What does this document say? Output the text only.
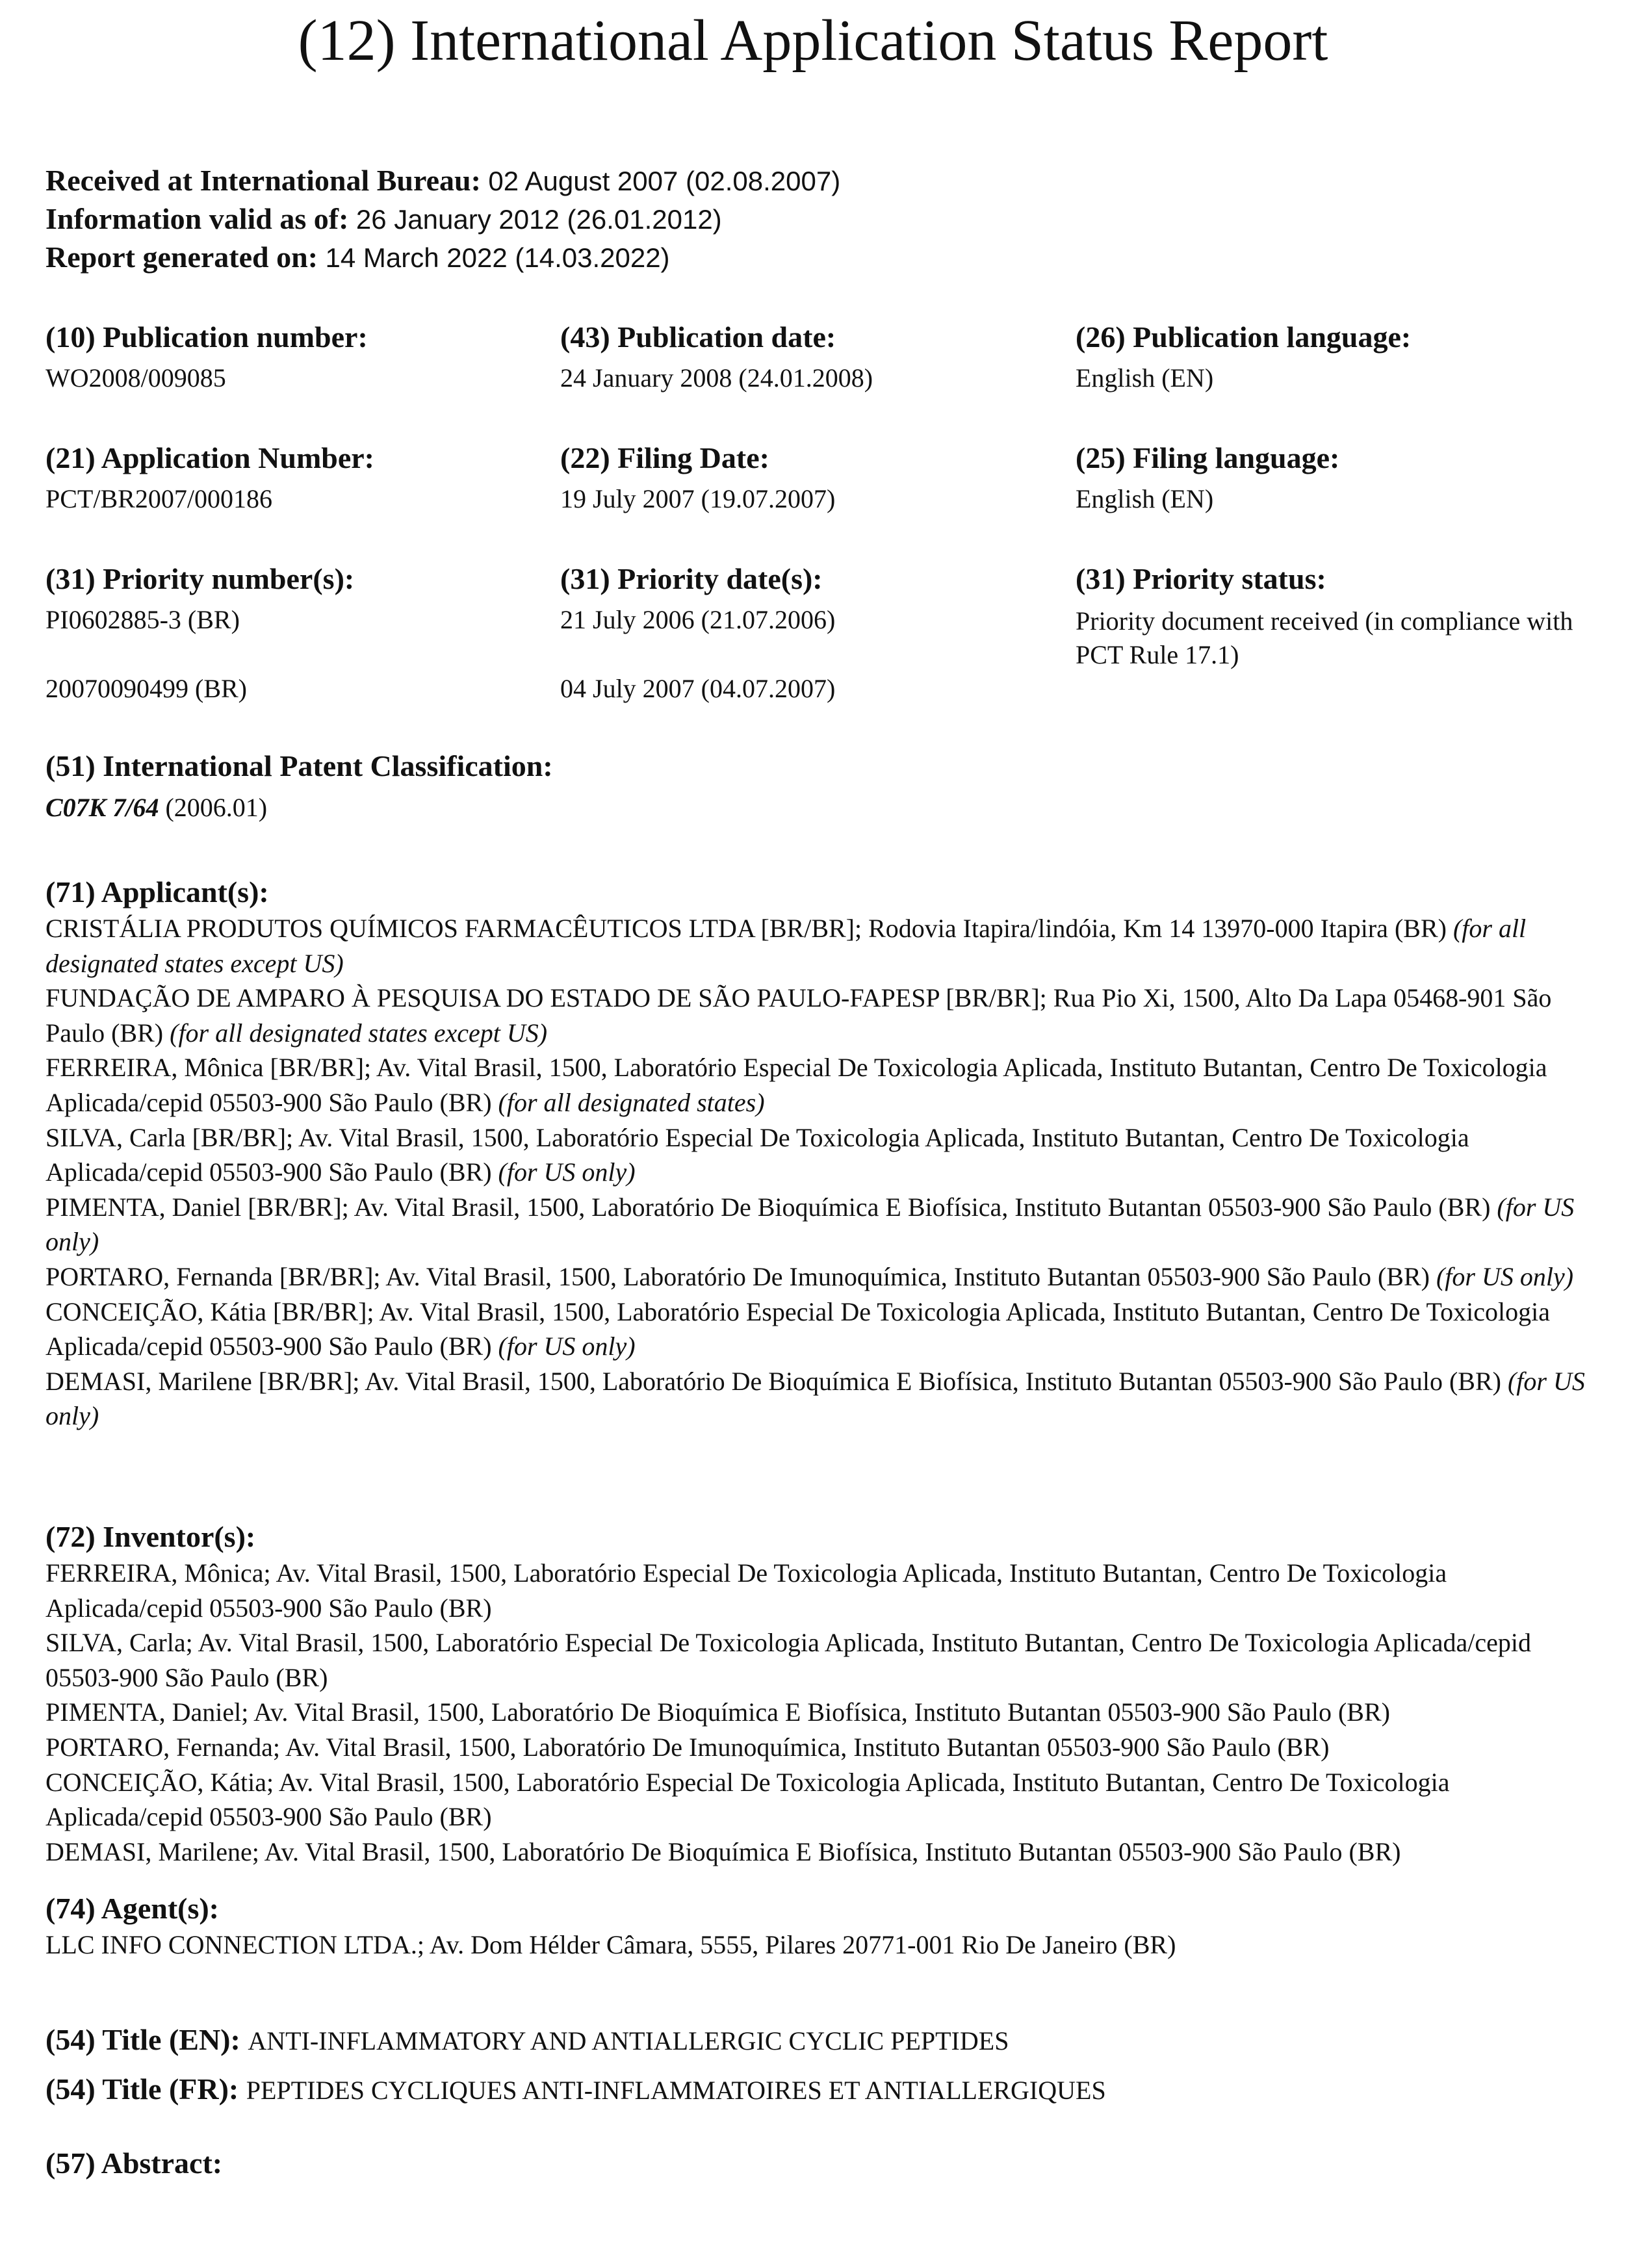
(12) International Application Status Report
Received at International Bureau: 02 August 2007 (02.08.2007)
Information valid as of: 26 January 2012 (26.01.2012)
Report generated on: 14 March 2022 (14.03.2022)
(10) Publication number:
WO2008/009085
(43) Publication date:
24 January 2008 (24.01.2008)
(26) Publication language:
English (EN)
(21) Application Number:
PCT/BR2007/000186
(22) Filing Date:
19 July 2007 (19.07.2007)
(25) Filing language:
English (EN)
(31) Priority number(s):
PI0602885-3 (BR)
20070090499 (BR)
(31) Priority date(s):
21 July 2006 (21.07.2006)
04 July 2007 (04.07.2007)
(31) Priority status:
Priority document received (in compliance with PCT Rule 17.1)
(51) International Patent Classification:
C07K 7/64 (2006.01)
(71) Applicant(s):
CRISTÁLIA PRODUTOS QUÍMICOS FARMACÊUTICOS LTDA [BR/BR]; Rodovia Itapira/lindóia, Km 14 13970-000 Itapira (BR) (for all designated states except US)
FUNDAÇÃO DE AMPARO À PESQUISA DO ESTADO DE SÃO PAULO-FAPESP [BR/BR]; Rua Pio Xi, 1500, Alto Da Lapa 05468-901 São Paulo (BR) (for all designated states except US)
FERREIRA, Mônica [BR/BR]; Av. Vital Brasil, 1500, Laboratório Especial De Toxicologia Aplicada, Instituto Butantan, Centro De Toxicologia Aplicada/cepid 05503-900 São Paulo (BR) (for all designated states)
SILVA, Carla [BR/BR]; Av. Vital Brasil, 1500, Laboratório Especial De Toxicologia Aplicada, Instituto Butantan, Centro De Toxicologia Aplicada/cepid 05503-900 São Paulo (BR) (for US only)
PIMENTA, Daniel [BR/BR]; Av. Vital Brasil, 1500, Laboratório De Bioquímica E Biofísica, Instituto Butantan 05503-900 São Paulo (BR) (for US only)
PORTARO, Fernanda [BR/BR]; Av. Vital Brasil, 1500, Laboratório De Imunoquímica, Instituto Butantan 05503-900 São Paulo (BR) (for US only)
CONCEIÇÃO, Kátia [BR/BR]; Av. Vital Brasil, 1500, Laboratório Especial De Toxicologia Aplicada, Instituto Butantan, Centro De Toxicologia Aplicada/cepid 05503-900 São Paulo (BR) (for US only)
DEMASI, Marilene [BR/BR]; Av. Vital Brasil, 1500, Laboratório De Bioquímica E Biofísica, Instituto Butantan 05503-900 São Paulo (BR) (for US only)
(72) Inventor(s):
FERREIRA, Mônica; Av. Vital Brasil, 1500, Laboratório Especial De Toxicologia Aplicada, Instituto Butantan, Centro De Toxicologia Aplicada/cepid 05503-900 São Paulo (BR)
SILVA, Carla; Av. Vital Brasil, 1500, Laboratório Especial De Toxicologia Aplicada, Instituto Butantan, Centro De Toxicologia Aplicada/cepid 05503-900 São Paulo (BR)
PIMENTA, Daniel; Av. Vital Brasil, 1500, Laboratório De Bioquímica E Biofísica, Instituto Butantan 05503-900 São Paulo (BR)
PORTARO, Fernanda; Av. Vital Brasil, 1500, Laboratório De Imunoquímica, Instituto Butantan 05503-900 São Paulo (BR)
CONCEIÇÃO, Kátia; Av. Vital Brasil, 1500, Laboratório Especial De Toxicologia Aplicada, Instituto Butantan, Centro De Toxicologia Aplicada/cepid 05503-900 São Paulo (BR)
DEMASI, Marilene; Av. Vital Brasil, 1500, Laboratório De Bioquímica E Biofísica, Instituto Butantan 05503-900 São Paulo (BR)
(74) Agent(s):
LLC INFO CONNECTION LTDA.; Av. Dom Hélder Câmara, 5555, Pilares 20771-001 Rio De Janeiro (BR)
(54) Title (EN): ANTI-INFLAMMATORY AND ANTIALLERGIC CYCLIC PEPTIDES
(54) Title (FR): PEPTIDES CYCLIQUES ANTI-INFLAMMATOIRES ET ANTIALLERGIQUES
(57) Abstract:
